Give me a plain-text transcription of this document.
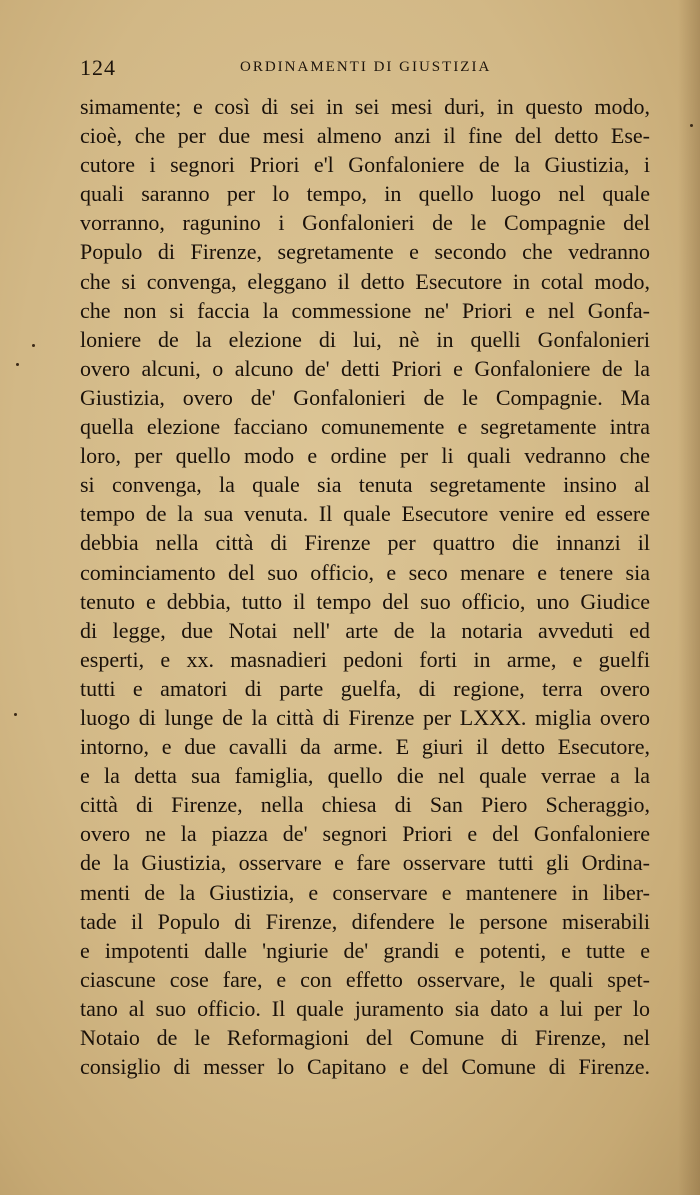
124	ORDINAMENTI DI GIUSTIZIA
simamente; e così di sei in sei mesi duri, in questo modo,
cioè, che per due mesi almeno anzi il fine del detto Ese-
cutore i segnori Priori e'l Gonfaloniere de la Giustizia, i
quali saranno per lo tempo, in quello luogo nel quale
vorranno, ragunino i Gonfalonieri de le Compagnie del
Populo di Firenze, segretamente e secondo che vedranno
che si convenga, eleggano il detto Esecutore in cotal modo,
che non si faccia la commessione ne' Priori e nel Gonfa-
loniere de la elezione di lui, nè in quelli Gonfalonieri
overo alcuni, o alcuno de' detti Priori e Gonfaloniere de la
Giustizia, overo de' Gonfalonieri de le Compagnie. Ma
quella elezione facciano comunemente e segretamente intra
loro, per quello modo e ordine per li quali vedranno che
si convenga, la quale sia tenuta segretamente insino al
tempo de la sua venuta. Il quale Esecutore venire ed essere
debbia nella città di Firenze per quattro die innanzi il
cominciamento del suo officio, e seco menare e tenere sia
tenuto e debbia, tutto il tempo del suo officio, uno Giudice
di legge, due Notai nell' arte de la notaria avveduti ed
esperti, e xx. masnadieri pedoni forti in arme, e guelfi
tutti e amatori di parte guelfa, di regione, terra overo
luogo di lunge de la città di Firenze per LXXX. miglia overo
intorno, e due cavalli da arme. E giuri il detto Esecutore,
e la detta sua famiglia, quello die nel quale verrae a la
città di Firenze, nella chiesa di San Piero Scheraggio,
overo ne la piazza de' segnori Priori e del Gonfaloniere
de la Giustizia, osservare e fare osservare tutti gli Ordina-
menti de la Giustizia, e conservare e mantenere in liber-
tade il Populo di Firenze, difendere le persone miserabili
e impotenti dalle 'ngiurie de' grandi e potenti, e tutte e
ciascune cose fare, e con effetto osservare, le quali spet-
tano al suo officio. Il quale juramento sia dato a lui per lo
Notaio de le Reformagioni del Comune di Firenze, nel
consiglio di messer lo Capitano e del Comune di Firenze.
